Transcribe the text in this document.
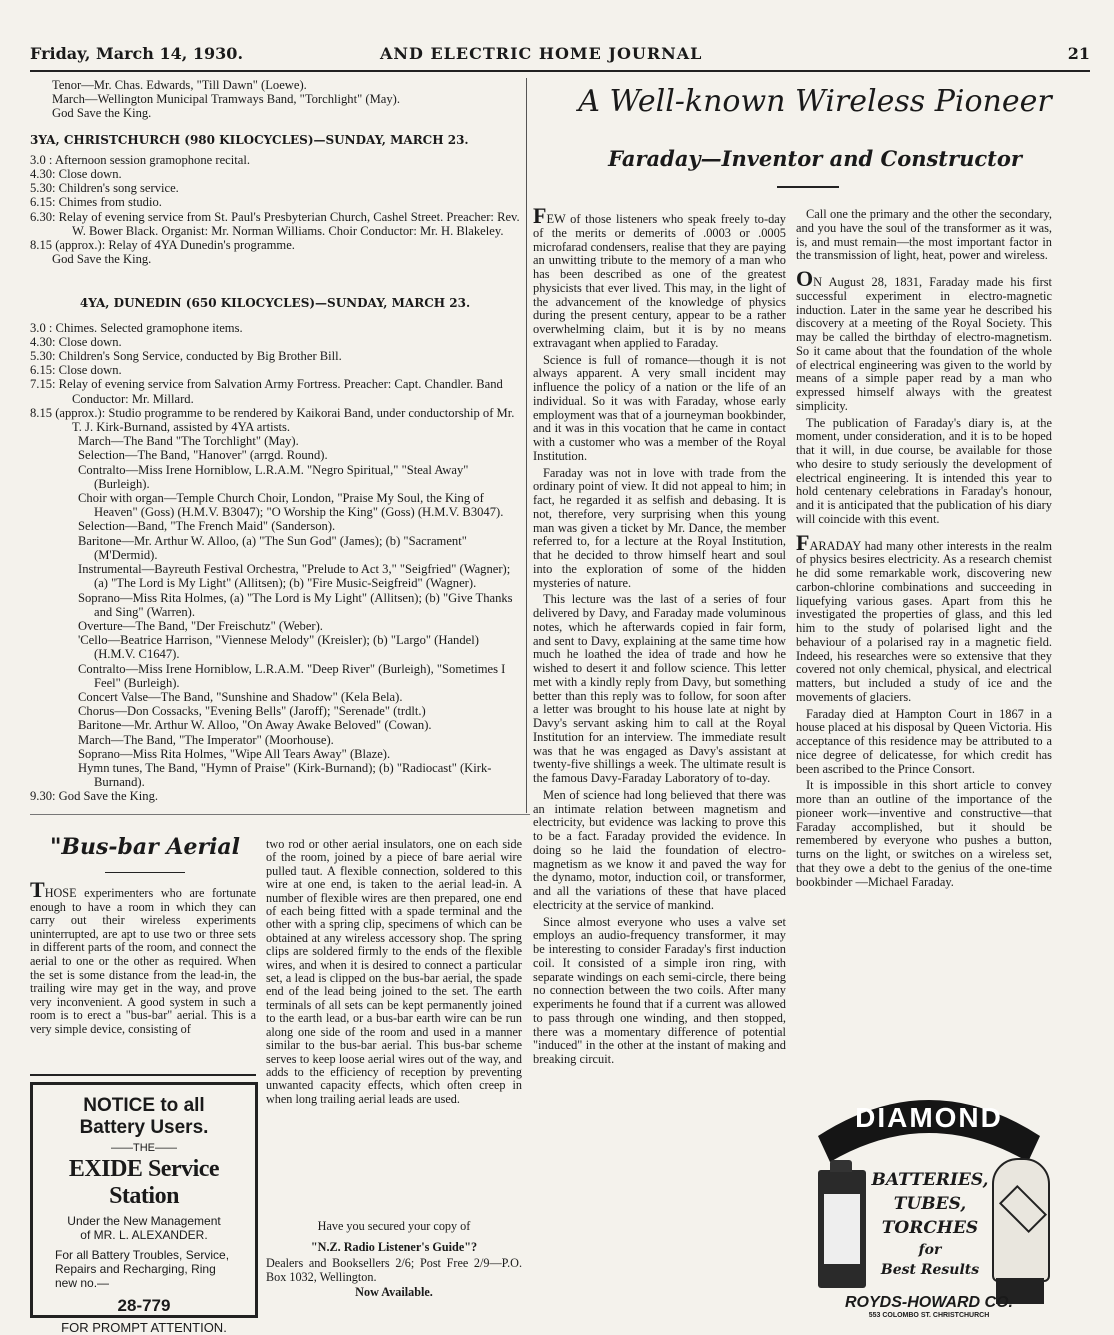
Friday, March 14, 1930.	AND ELECTRIC HOME JOURNAL	21

Tenor—Mr. Chas. Edwards, "Till Dawn" (Loewe).

March—Wellington Municipal Tramways Band, "Torchlight" (May).

God Save the King.

3YA, CHRISTCHURCH (980 KILOCYCLES)—SUNDAY, MARCH 23.

3.0 : Afternoon session gramophone recital.

4.30: Close down.

5.30: Children's song service.

6.15: Chimes from studio.

6.30: Relay of evening service from St. Paul's Presbyterian Church, Cashel Street. Preacher: Rev. W. Bower Black. Organist: Mr. Norman Williams. Choir Conductor: Mr. H. Blakeley.

8.15 (approx.): Relay of 4YA Dunedin's programme.

God Save the King.

4YA, DUNEDIN (650 KILOCYCLES)—SUNDAY, MARCH 23.

3.0 : Chimes. Selected gramophone items.

4.30: Close down.

5.30: Children's Song Service, conducted by Big Brother Bill.

6.15: Close down.

7.15: Relay of evening service from Salvation Army Fortress. Preacher: Capt. Chandler. Band Conductor: Mr. Millard.

8.15 (approx.): Studio programme to be rendered by Kaikorai Band, under conductorship of Mr. T. J. Kirk-Burnand, assisted by 4YA artists.

March—The Band "The Torchlight" (May).

Selection—The Band, "Hanover" (arrgd. Round).

Contralto—Miss Irene Horniblow, L.R.A.M. "Negro Spiritual," "Steal Away" (Burleigh).

Choir with organ—Temple Church Choir, London, "Praise My Soul, the King of Heaven" (Goss) (H.M.V. B3047); "O Worship the King" (Goss) (H.M.V. B3047).

Selection—Band, "The French Maid" (Sanderson).

Baritone—Mr. Arthur W. Alloo, (a) "The Sun God" (James); (b) "Sacrament" (M'Dermid).

Instrumental—Bayreuth Festival Orchestra, "Prelude to Act 3," "Seigfried" (Wagner); (a) "The Lord is My Light" (Allitsen); (b) "Fire Music-Seigfreid" (Wagner).

Soprano—Miss Rita Holmes, (a) "The Lord is My Light" (Allitsen); (b) "Give Thanks and Sing" (Warren).

Overture—The Band, "Der Freischutz" (Weber).

'Cello—Beatrice Harrison, "Viennese Melody" (Kreisler); (b) "Largo" (Handel) (H.M.V. C1647).

Contralto—Miss Irene Horniblow, L.R.A.M. "Deep River" (Burleigh), "Sometimes I Feel" (Burleigh).

Concert Valse—The Band, "Sunshine and Shadow" (Kela Bela).

Chorus—Don Cossacks, "Evening Bells" (Jaroff); "Serenade" (trdlt.)

Baritone—Mr. Arthur W. Alloo, "On Away Awake Beloved" (Cowan).

March—The Band, "The Imperator" (Moorhouse).

Soprano—Miss Rita Holmes, "Wipe All Tears Away" (Blaze).

Hymn tunes, The Band, "Hymn of Praise" (Kirk-Burnand); (b) "Radiocast" (Kirk-Burnand).

9.30: God Save the King.

"Bus-bar Aerial

THOSE experimenters who are fortunate enough to have a room in which they can carry out their wireless experiments uninterrupted, are apt to use two or three sets in different parts of the room, and connect the aerial to one or the other as required. When the set is some distance from the lead-in, the trailing wire may get in the way, and prove very inconvenient. A good system in such a room is to erect a "bus-bar" aerial. This is a very simple device, consisting of

two rod or other aerial insulators, one on each side of the room, joined by a piece of bare aerial wire pulled taut. A flexible connection, soldered to this wire at one end, is taken to the aerial lead-in. A number of flexible wires are then prepared, one end of each being fitted with a spade terminal and the other with a spring clip, specimens of which can be obtained at any wireless accessory shop. The spring clips are soldered firmly to the ends of the flexible wires, and when it is desired to connect a particular set, a lead is clipped on the bus-bar aerial, the spade end of the lead being joined to the set. The earth terminals of all sets can be kept permanently joined to the earth lead, or a bus-bar earth wire can be run along one side of the room and used in a manner similar to the bus-bar aerial. This bus-bar scheme serves to keep loose aerial wires out of the way, and adds to the efficiency of reception by preventing unwanted capacity effects, which often creep in when long trailing aerial leads are used.

Have you secured your copy of
"N.Z. Radio Listener's Guide"?
Dealers and Booksellers 2/6; Post Free 2/9—P.O. Box 1032, Wellington.
Now Available.
NOTICE to all
Battery Users.
——THE——
EXIDE Service Station
Under the New Management
of MR. L. ALEXANDER.
For all Battery Troubles, Service, Repairs and Recharging, Ring new no.—
28-779
FOR PROMPT ATTENTION.
A Well-known Wireless Pioneer
Faraday—Inventor and Constructor

FEW of those listeners who speak freely to-day of the merits or demerits of .0003 or .0005 microfarad condensers, realise that they are paying an unwitting tribute to the memory of a man who has been described as one of the greatest physicists that ever lived. This may, in the light of the advancement of the knowledge of physics during the present century, appear to be a rather overwhelming claim, but it is by no means extravagant when applied to Faraday.

Science is full of romance—though it is not always apparent. A very small incident may influence the policy of a nation or the life of an individual. So it was with Faraday, whose early employment was that of a journeyman bookbinder, and it was in this vocation that he came in contact with a customer who was a member of the Royal Institution.

Faraday was not in love with trade from the ordinary point of view. It did not appeal to him; in fact, he regarded it as selfish and debasing. It is not, therefore, very surprising when this young man was given a ticket by Mr. Dance, the member referred to, for a lecture at the Royal Institution, that he decided to throw himself heart and soul into the exploration of some of the hidden mysteries of nature.

This lecture was the last of a series of four delivered by Davy, and Faraday made voluminous notes, which he afterwards copied in fair form, and sent to Davy, explaining at the same time how much he loathed the idea of trade and how he wished to desert it and follow science. This letter met with a kindly reply from Davy, but something better than this reply was to follow, for soon after a letter was brought to his house late at night by Davy's servant asking him to call at the Royal Institution for an interview. The immediate result was that he was engaged as Davy's assistant at twenty-five shillings a week. The ultimate result is the famous Davy-Faraday Laboratory of to-day.

Men of science had long believed that there was an intimate relation between magnetism and electricity, but evidence was lacking to prove this to be a fact. Faraday provided the evidence. In doing so he laid the foundation of electro-magnetism as we know it and paved the way for the dynamo, motor, induction coil, or transformer, and all the variations of these that have placed electricity at the service of mankind.

Since almost everyone who uses a valve set employs an audio-frequency transformer, it may be interesting to consider Faraday's first induction coil. It consisted of a simple iron ring, with separate windings on each semi-circle, there being no connection between the two coils. After many experiments he found that if a current was allowed to pass through one winding, and then stopped, there was a momentary difference of potential "induced" in the other at the instant of making and breaking circuit.

Call one the primary and the other the secondary, and you have the soul of the transformer as it was, is, and must remain—the most important factor in the transmission of light, heat, power and wireless.

ON August 28, 1831, Faraday made his first successful experiment in electro-magnetic induction. Later in the same year he described his discovery at a meeting of the Royal Society. This may be called the birthday of electro-magnetism. So it came about that the foundation of the whole of electrical engineering was given to the world by means of a simple paper read by a man who expressed himself always with the greatest simplicity.

The publication of Faraday's diary is, at the moment, under consideration, and it is to be hoped that it will, in due course, be available for those who desire to study seriously the development of electrical engineering. It is intended this year to hold centenary celebrations in Faraday's honour, and it is anticipated that the publication of his diary will coincide with this event.

FARADAY had many other interests in the realm of physics besires electricity. As a research chemist he did some remarkable work, discovering new carbon-chlorine combinations and succeeding in liquefying various gases. Apart from this he investigated the properties of glass, and this led him to the study of polarised light and the behaviour of a polarised ray in a magnetic field. Indeed, his researches were so extensive that they covered not only chemical, physical, and electrical matters, but included a study of ice and the movements of glaciers.

Faraday died at Hampton Court in 1867 in a house placed at his disposal by Queen Victoria. His acceptance of this residence may be attributed to a nice degree of delicatesse, for which credit has been ascribed to the Prince Consort.

It is impossible in this short article to convey more than an outline of the importance of the pioneer work—inventive and constructive—that Faraday accomplished, but it should be remembered by everyone who pushes a button, turns on the light, or switches on a wireless set, that they owe a debt to the genius of the one-time bookbinder —Michael Faraday.

DIAMOND
BATTERIES,
TUBES,
TORCHES
for
Best Results
ROYDS-HOWARD CO.
553 COLOMBO ST. CHRISTCHURCH
